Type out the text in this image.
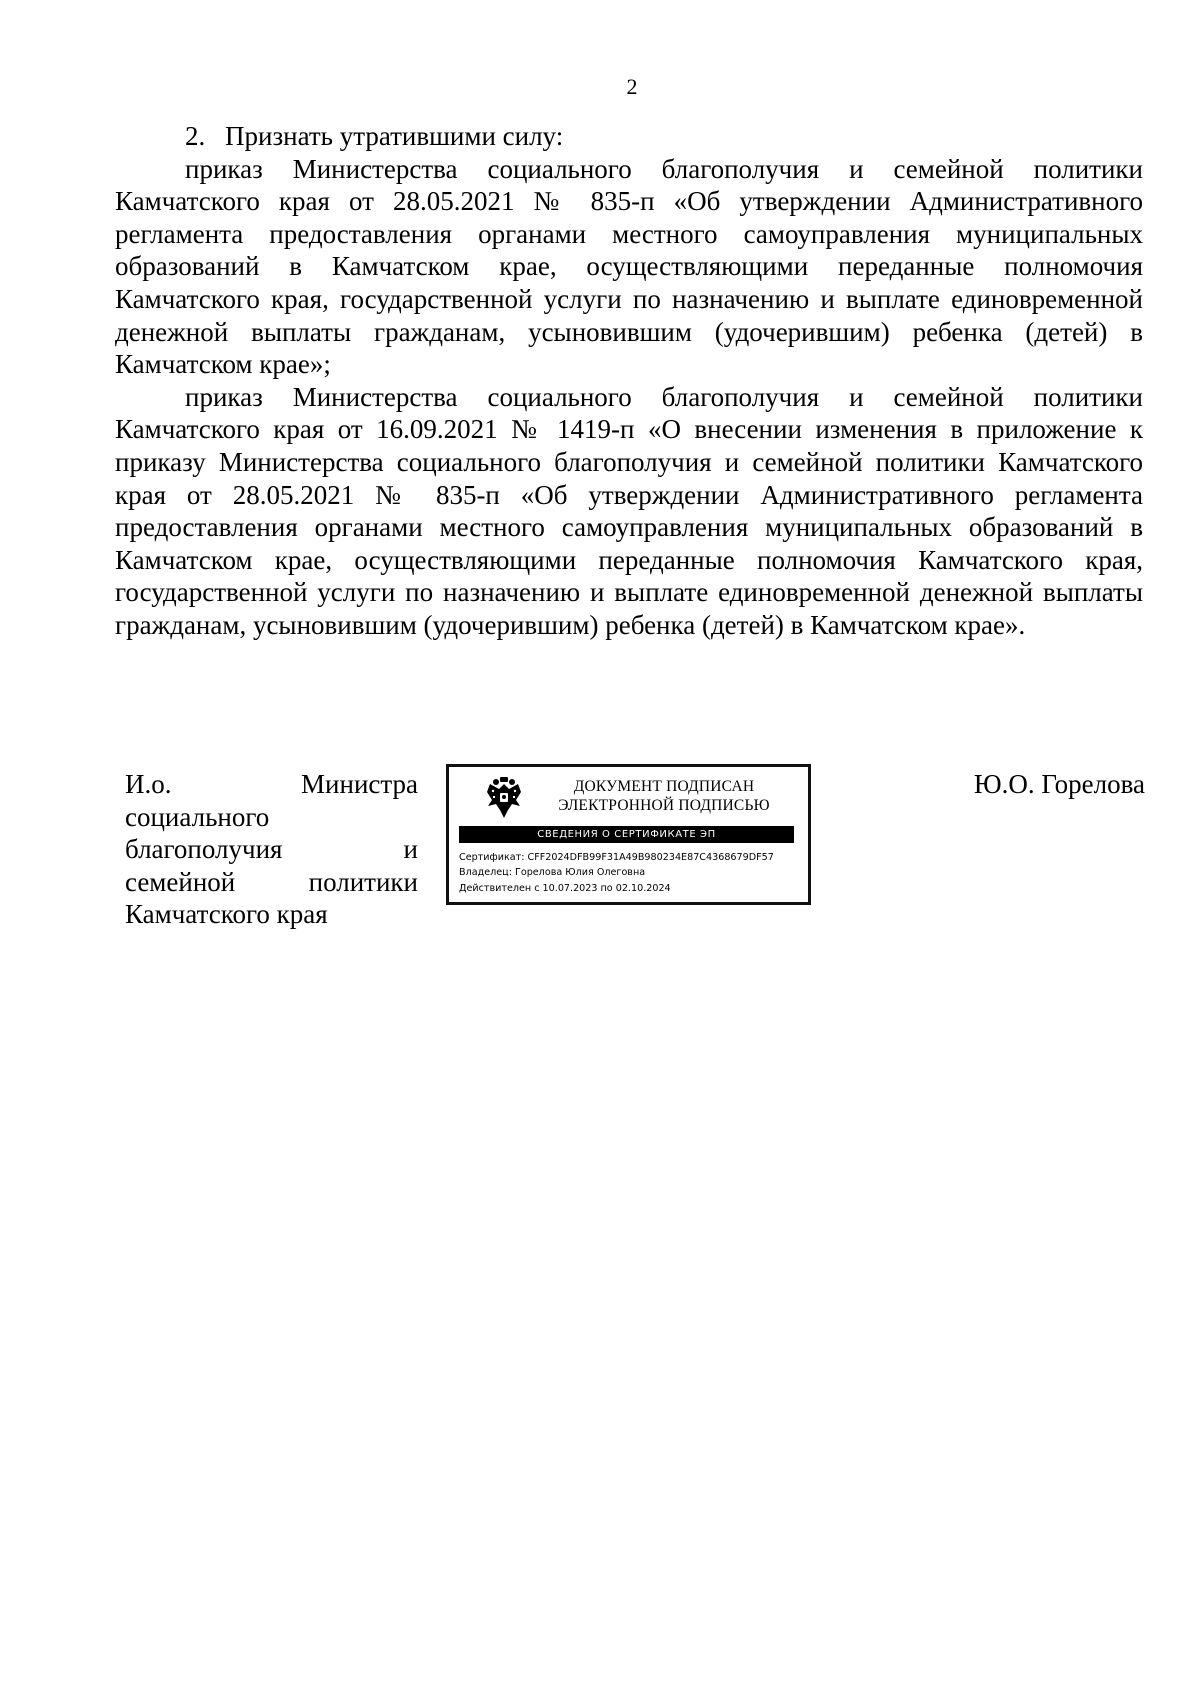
2

2. Признать утратившими силу:

приказ Министерства социального благополучия и семейной политики Камчатского края от 28.05.2021 № 835-п «Об утверждении Административного регламента предоставления органами местного самоуправления муниципальных образований в Камчатском крае, осуществляющими переданные полномочия Камчатского края, государственной услуги по назначению и выплате единовременной денежной выплаты гражданам, усыновившим (удочерившим) ребенка (детей) в Камчатском крае»;

приказ Министерства социального благополучия и семейной политики Камчатского края от 16.09.2021 № 1419-п «О внесении изменения в приложение к приказу Министерства социального благополучия и семейной политики Камчатского края от 28.05.2021 № 835-п «Об утверждении Административного регламента предоставления органами местного самоуправления муниципальных образований в Камчатском крае, осуществляющими переданные полномочия Камчатского края, государственной услуги по назначению и выплате единовременной денежной выплаты гражданам, усыновившим (удочерившим) ребенка (детей) в Камчатском крае».

И.о.	Министра
социального
благополучия	и
семейной	политики
Камчатского края
ДОКУМЕНТ ПОДПИСАН
ЭЛЕКТРОННОЙ ПОДПИСЬЮ
СВЕДЕНИЯ О СЕРТИФИКАТЕ ЭП
Сертификат: CFF2024DFB99F31A49B980234E87C4368679DF57
Владелец: Горелова Юлия Олеговна
Действителен с 10.07.2023 по 02.10.2024
Ю.О. Горелова
